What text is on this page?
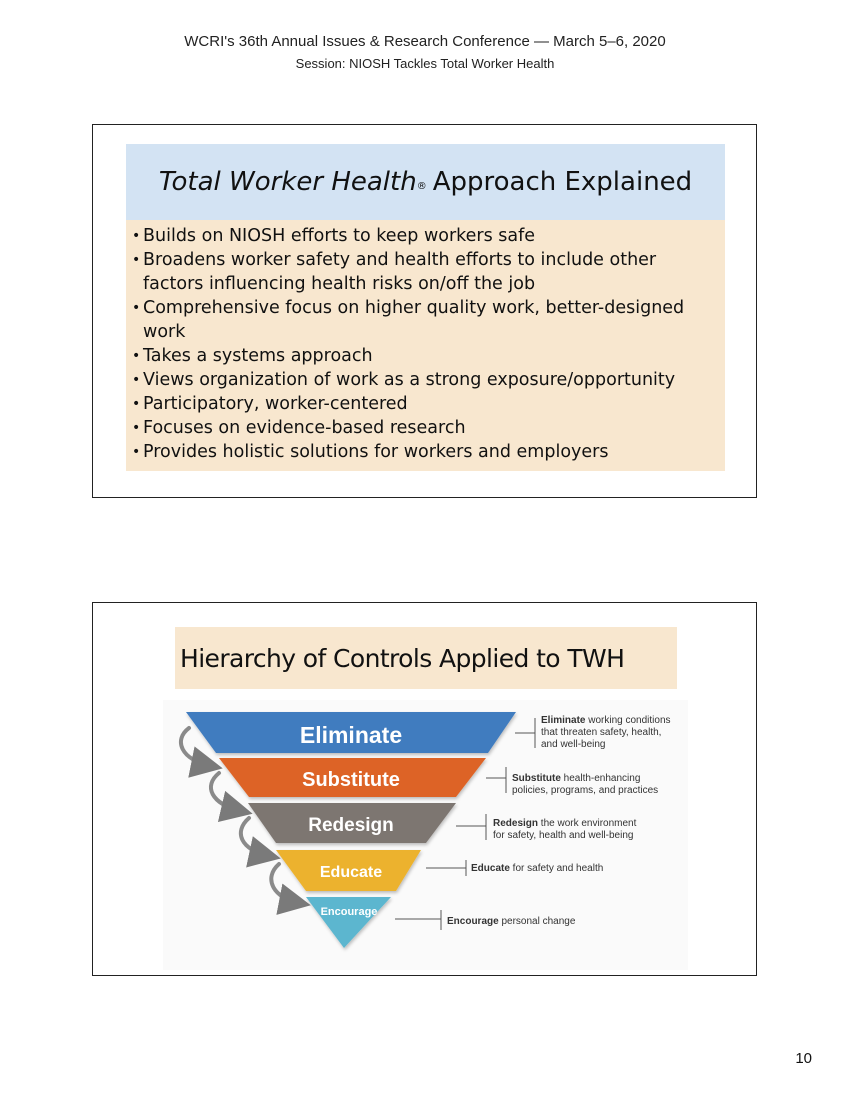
WCRI's 36th Annual Issues & Research Conference — March 5–6, 2020
Session: NIOSH Tackles Total Worker Health
Total Worker Health® Approach Explained
• Builds on NIOSH efforts to keep workers safe
• Broadens worker safety and health efforts to include other factors influencing health risks on/off the job
• Comprehensive focus on higher quality work, better-designed work
• Takes a systems approach
• Views organization of work as a strong exposure/opportunity
• Participatory, worker-centered
• Focuses on evidence-based research
• Provides holistic solutions for workers and employers
Hierarchy of Controls Applied to TWH
Eliminate
Substitute
Redesign
Educate
Encourage
Eliminate working conditions
that threaten safety, health,
and well-being
Substitute health-enhancing
policies, programs, and practices
Redesign the work environment
for safety, health and well-being
Educate for safety and health
Encourage personal change
10
